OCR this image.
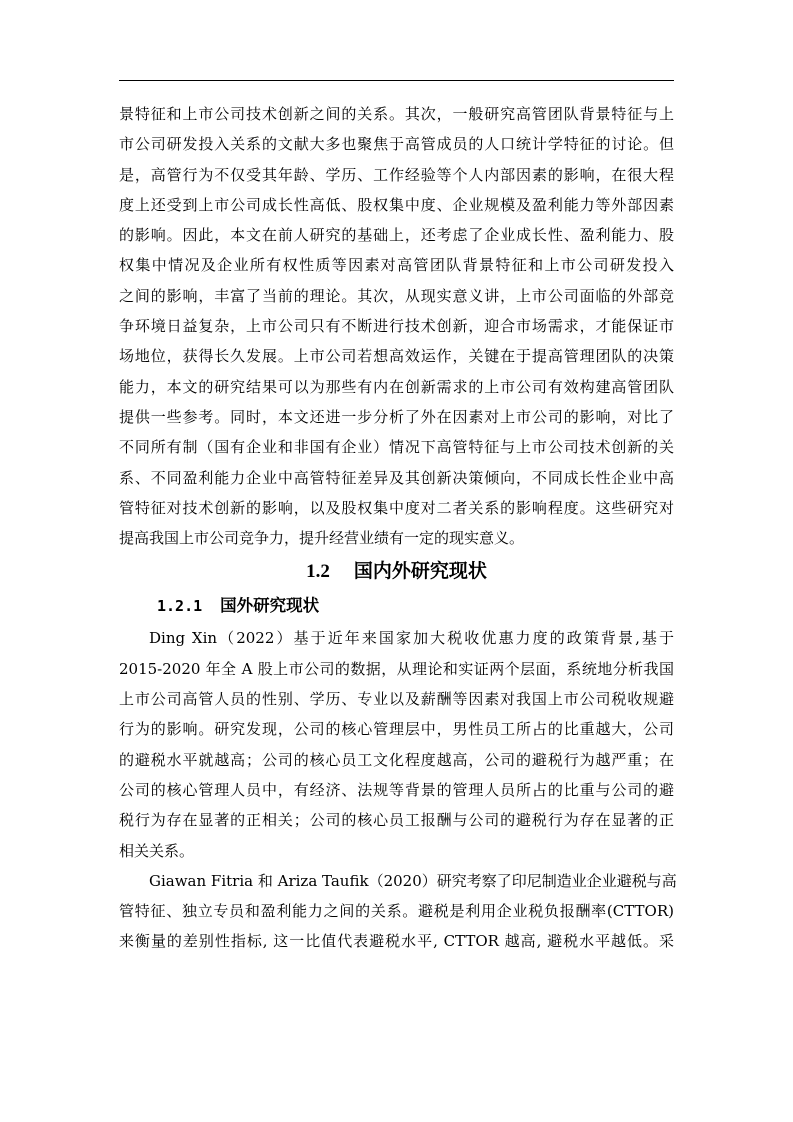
景特征和上市公司技术创新之间的关系。其次，一般研究高管团队背景特征与上
市公司研发投入关系的文献大多也聚焦于高管成员的人口统计学特征的讨论。但
是，高管行为不仅受其年龄、学历、工作经验等个人内部因素的影响，在很大程
度上还受到上市公司成长性高低、股权集中度、企业规模及盈利能力等外部因素
的影响。因此，本文在前人研究的基础上，还考虑了企业成长性、盈利能力、股
权集中情况及企业所有权性质等因素对高管团队背景特征和上市公司研发投入
之间的影响，丰富了当前的理论。其次，从现实意义讲，上市公司面临的外部竞
争环境日益复杂，上市公司只有不断进行技术创新，迎合市场需求，才能保证市
场地位，获得长久发展。上市公司若想高效运作，关键在于提高管理团队的决策
能力，本文的研究结果可以为那些有内在创新需求的上市公司有效构建高管团队
提供一些参考。同时，本文还进一步分析了外在因素对上市公司的影响，对比了
不同所有制（国有企业和非国有企业）情况下高管特征与上市公司技术创新的关
系、不同盈利能力企业中高管特征差异及其创新决策倾向，不同成长性企业中高
管特征对技术创新的影响，以及股权集中度对二者关系的影响程度。这些研究对
提高我国上市公司竞争力，提升经营业绩有一定的现实意义。
1.2 国内外研究现状
1.2.1 国外研究现状
Ding Xin（2022）基于近年来国家加大税收优惠力度的政策背景,基于
2015-2020 年全 A 股上市公司的数据，从理论和实证两个层面，系统地分析我国
上市公司高管人员的性别、学历、专业以及薪酬等因素对我国上市公司税收规避
行为的影响。研究发现，公司的核心管理层中，男性员工所占的比重越大，公司
的避税水平就越高；公司的核心员工文化程度越高，公司的避税行为越严重；在
公司的核心管理人员中，有经济、法规等背景的管理人员所占的比重与公司的避
税行为存在显著的正相关；公司的核心员工报酬与公司的避税行为存在显著的正
相关关系。
Giawan Fitria 和 Ariza Taufik（2020）研究考察了印尼制造业企业避税与高
管特征、独立专员和盈利能力之间的关系。避税是利用企业税负报酬率(CTTOR)
来衡量的差别性指标, 这一比值代表避税水平, CTTOR 越高, 避税水平越低。采
